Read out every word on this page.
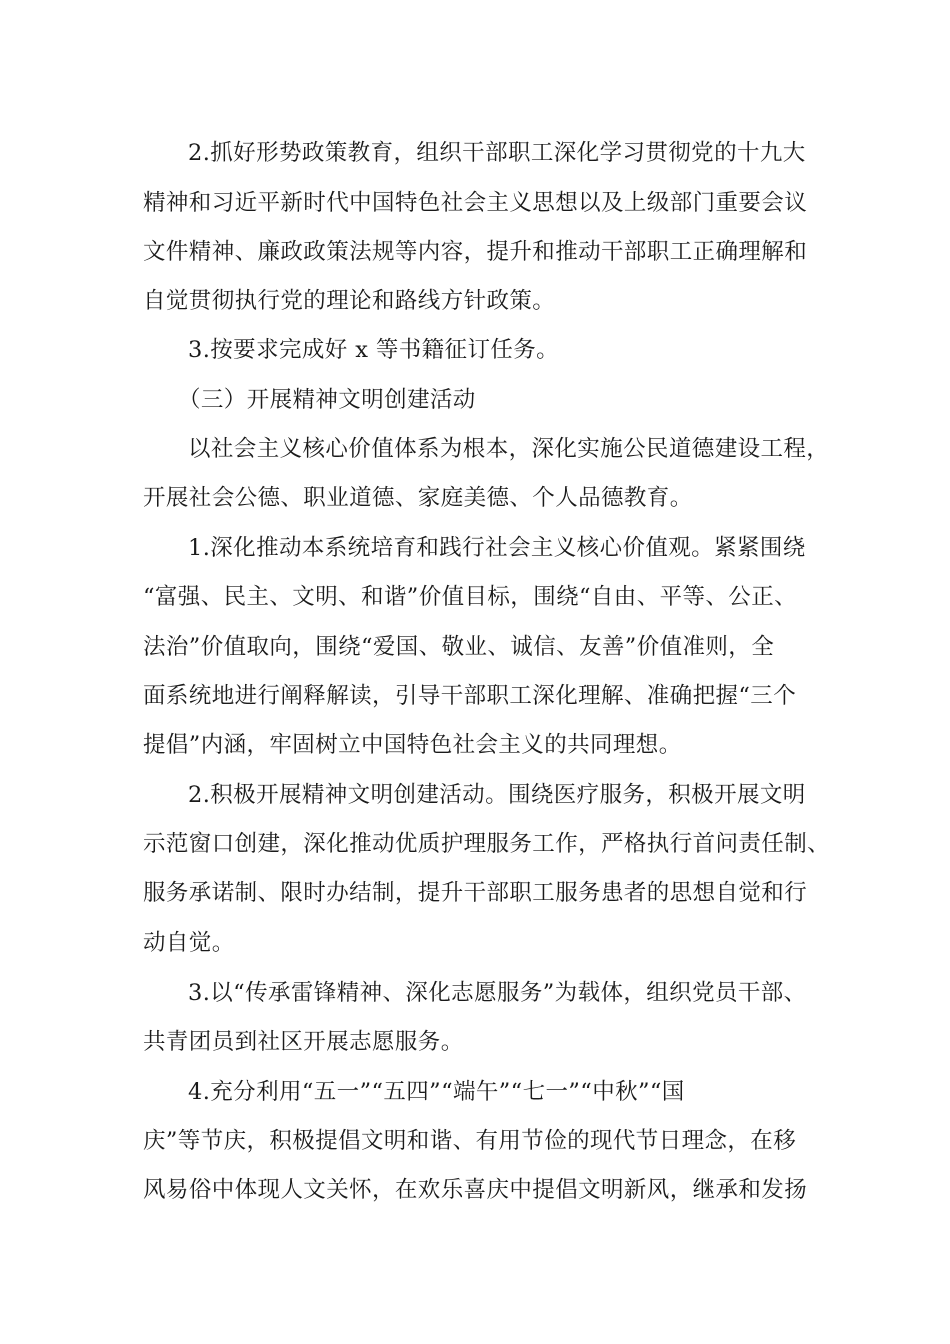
2.抓好形势政策教育，组织干部职工深化学习贯彻党的十九大
精神和习近平新时代中国特色社会主义思想以及上级部门重要会议
文件精神、廉政政策法规等内容，提升和推动干部职工正确理解和
自觉贯彻执行党的理论和路线方针政策。
3.按要求完成好 x 等书籍征订任务。
（三）开展精神文明创建活动
以社会主义核心价值体系为根本，深化实施公民道德建设工程，
开展社会公德、职业道德、家庭美德、个人品德教育。
1.深化推动本系统培育和践行社会主义核心价值观。紧紧围绕
“富强、民主、文明、和谐”价值目标，围绕“自由、平等、公正、
法治”价值取向，围绕“爱国、敬业、诚信、友善”价值准则，全
面系统地进行阐释解读，引导干部职工深化理解、准确把握“三个
提倡”内涵，牢固树立中国特色社会主义的共同理想。
2.积极开展精神文明创建活动。围绕医疗服务，积极开展文明
示范窗口创建，深化推动优质护理服务工作，严格执行首问责任制、
服务承诺制、限时办结制，提升干部职工服务患者的思想自觉和行
动自觉。
3.以“传承雷锋精神、深化志愿服务”为载体，组织党员干部、
共青团员到社区开展志愿服务。
4.充分利用“五一”“五四”“端午”“七一”“中秋”“国
庆”等节庆，积极提倡文明和谐、有用节俭的现代节日理念，在移
风易俗中体现人文关怀，在欢乐喜庆中提倡文明新风，继承和发扬
